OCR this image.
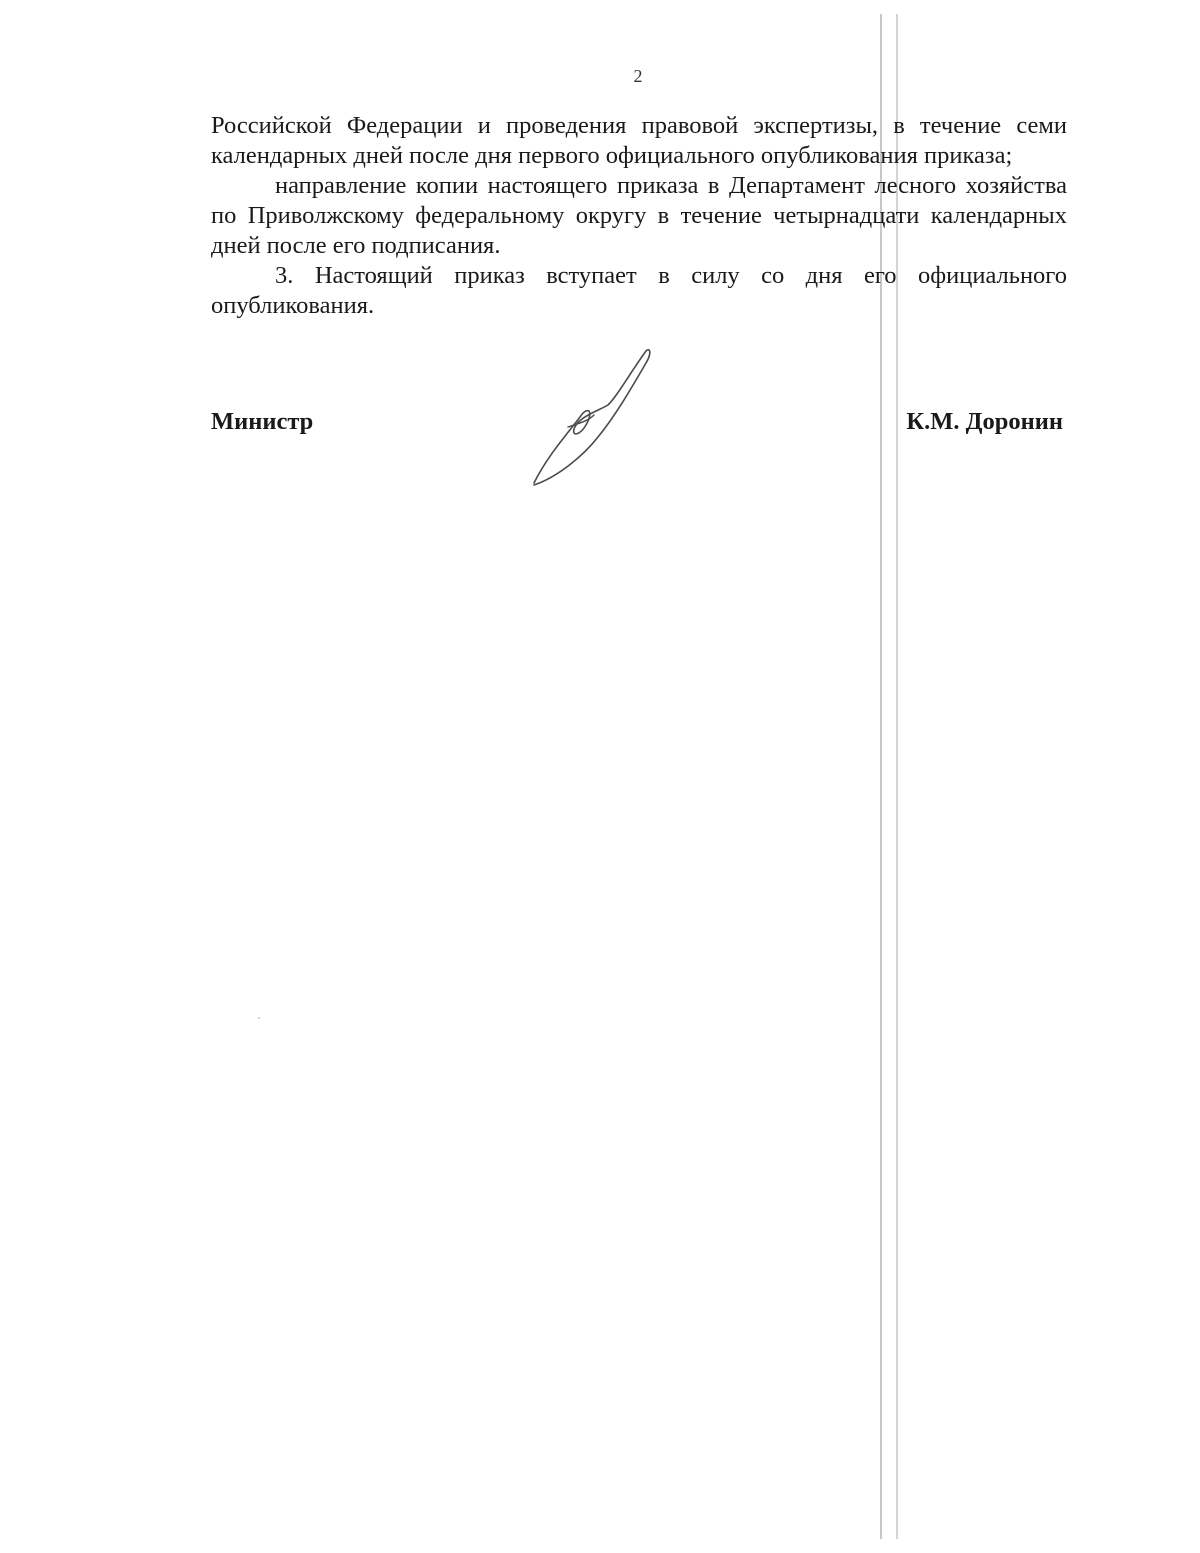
2

Российской Федерации и проведения правовой экспертизы, в течение семи календарных дней после дня первого официального опубликования приказа;

направление копии настоящего приказа в Департамент лесного хозяйства по Приволжскому федеральному округу в течение четырнадцати календарных дней после его подписания.

3. Настоящий приказ вступает в силу со дня его официального опубликования.

Министр	К.М. Доронин
